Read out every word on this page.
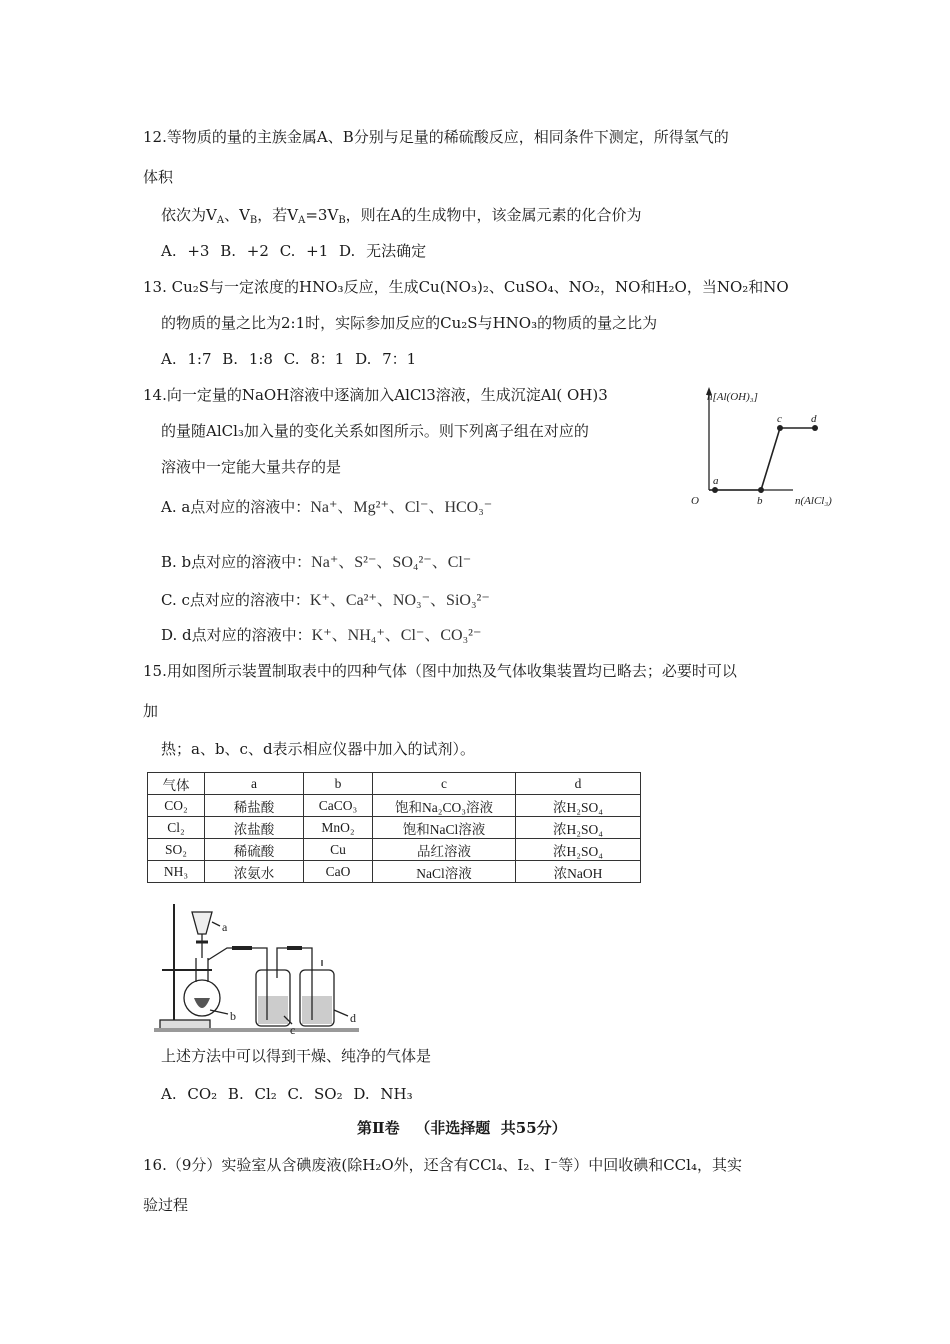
12.等物质的量的主族金属A、B分别与足量的稀硫酸反应，相同条件下测定，所得氢气的
体积
依次为$V_A$、$V_B$，若$V_A=3V_B$，则在A的生成物中，该金属元素的化合价为
A. +3 B. +2 C. +1 D. 无法确定
13. Cu₂S与一定浓度的HNO₃反应，生成Cu(NO₃)₂、CuSO₄、NO₂，NO和H₂O，当NO₂和NO
的物质的量之比为2:1时，实际参加反应的Cu₂S与HNO₃的物质的量之比为
A. 1:7 B. 1:8 C. 8：1 D. 7：1
14.向一定量的NaOH溶液中逐滴加入AlCl3溶液，生成沉淀Al( OH)3
的量随AlCl₃加入量的变化关系如图所示。则下列离子组在对应的
溶液中一定能大量共存的是
A. a点对应的溶液中：Na⁺、Mg²⁺、Cl⁻、HCO₃⁻
B. b点对应的溶液中：Na⁺、S²⁻、SO₄²⁻、Cl⁻
C. c点对应的溶液中：K⁺、Ca²⁺、NO₃⁻、SiO₃²⁻
D. d点对应的溶液中：K⁺、NH₄⁺、Cl⁻、CO₃²⁻
n[Al(OH)₃]
n(AlCl₃)
O
a
b
c	d
15.用如图所示装置制取表中的四种气体（图中加热及气体收集装置均已略去；必要时可以
加
热；a、b、c、d表示相应仪器中加入的试剂）。
气体	a	b	c	d
CO₂	稀盐酸	CaCO₃	饱和Na₂CO₃溶液	浓H₂SO₄
Cl₂	浓盐酸	MnO₂	饱和NaCl溶液	浓H₂SO₄
SO₂	稀硫酸	Cu	品红溶液	浓H₂SO₄
NH₃	浓氨水	CaO	NaCl溶液	浓NaOH
a
b
c
d
上述方法中可以得到干燥、纯净的气体是
A. CO₂ B. Cl₂ C. SO₂ D. NH₃
第Ⅱ卷   （非选择题  共55分）
16.（9分）实验室从含碘废液(除H₂O外，还含有CCl₄、I₂、I⁻等）中回收碘和CCl₄，其实
验过程
